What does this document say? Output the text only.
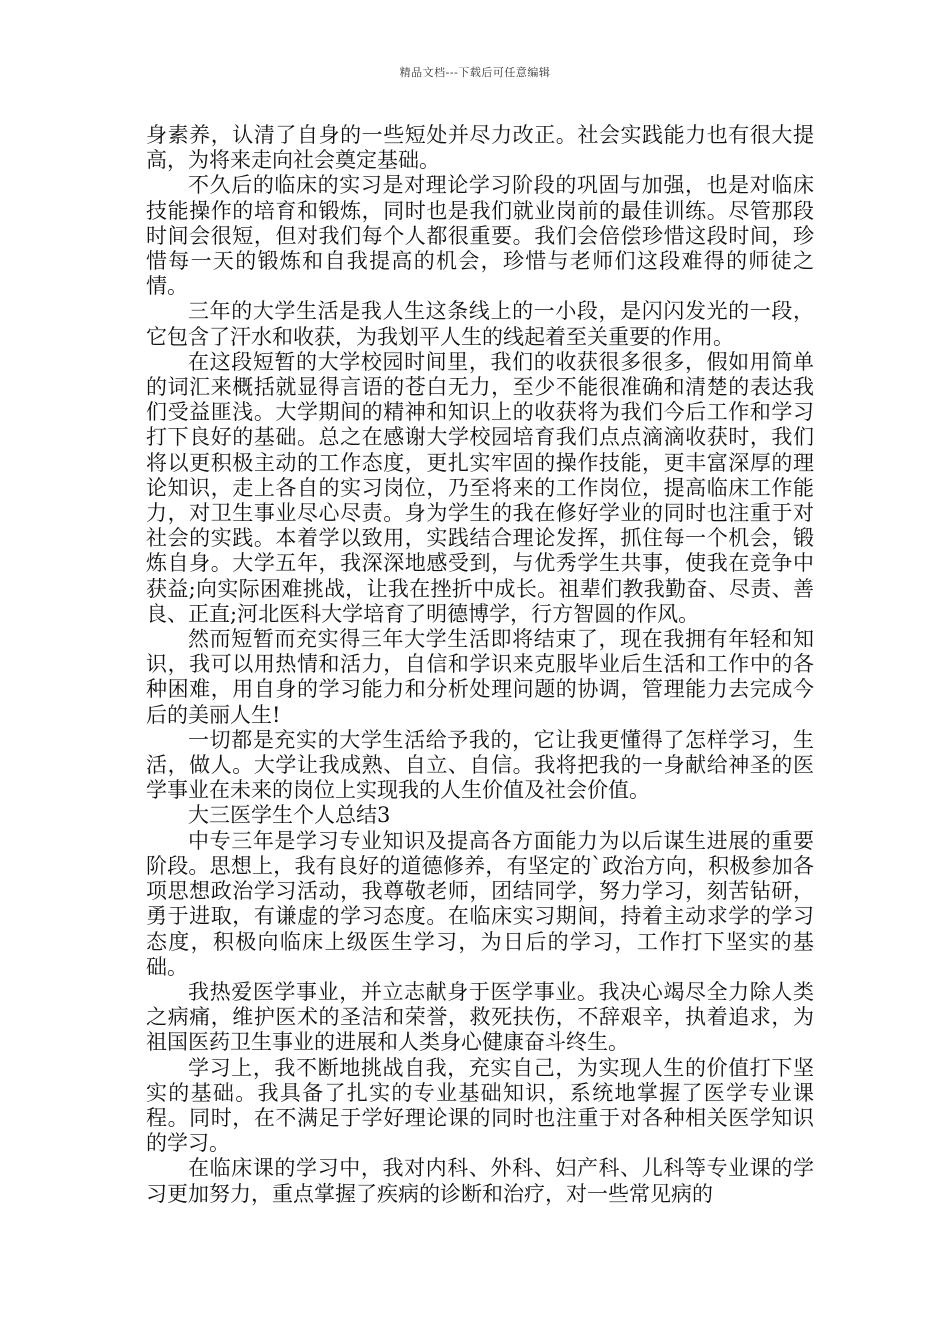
精品文档---下载后可任意编辑

身素养，认清了自身的一些短处并尽力改正。社会实践能力也有很大提高，为将来走向社会奠定基础。

不久后的临床的实习是对理论学习阶段的巩固与加强，也是对临床技能操作的培育和锻炼，同时也是我们就业岗前的最佳训练。尽管那段时间会很短，但对我们每个人都很重要。我们会倍偿珍惜这段时间，珍惜每一天的锻炼和自我提高的机会，珍惜与老师们这段难得的师徒之情。

三年的大学生活是我人生这条线上的一小段，是闪闪发光的一段，它包含了汗水和收获，为我划平人生的线起着至关重要的作用。

在这段短暂的大学校园时间里，我们的收获很多很多，假如用简单的词汇来概括就显得言语的苍白无力，至少不能很准确和清楚的表达我们受益匪浅。大学期间的精神和知识上的收获将为我们今后工作和学习打下良好的基础。总之在感谢大学校园培育我们点点滴滴收获时，我们将以更积极主动的工作态度，更扎实牢固的操作技能，更丰富深厚的理论知识，走上各自的实习岗位，乃至将来的工作岗位，提高临床工作能力，对卫生事业尽心尽责。身为学生的我在修好学业的同时也注重于对社会的实践。本着学以致用，实践结合理论发挥，抓住每一个机会，锻炼自身。大学五年，我深深地感受到，与优秀学生共事，使我在竞争中获益;向实际困难挑战，让我在挫折中成长。祖辈们教我勤奋、尽责、善良、正直;河北医科大学培育了明德博学，行方智圆的作风。

然而短暂而充实得三年大学生活即将结束了，现在我拥有年轻和知识，我可以用热情和活力，自信和学识来克服毕业后生活和工作中的各种困难，用自身的学习能力和分析处理问题的协调，管理能力去完成今后的美丽人生!

一切都是充实的大学生活给予我的，它让我更懂得了怎样学习，生活，做人。大学让我成熟、自立、自信。我将把我的一身献给神圣的医学事业在未来的岗位上实现我的人生价值及社会价值。

大三医学生个人总结3

中专三年是学习专业知识及提高各方面能力为以后谋生进展的重要阶段。思想上，我有良好的道德修养，有坚定的`政治方向，积极参加各项思想政治学习活动，我尊敬老师，团结同学，努力学习，刻苦钻研，勇于进取，有谦虚的学习态度。在临床实习期间，持着主动求学的学习态度，积极向临床上级医生学习，为日后的学习，工作打下坚实的基础。

我热爱医学事业，并立志献身于医学事业。我决心竭尽全力除人类之病痛，维护医术的圣洁和荣誉，救死扶伤，不辞艰辛，执着追求，为祖国医药卫生事业的进展和人类身心健康奋斗终生。

学习上，我不断地挑战自我，充实自己，为实现人生的价值打下坚实的基础。我具备了扎实的专业基础知识，系统地掌握了医学专业课程。同时，在不满足于学好理论课的同时也注重于对各种相关医学知识的学习。

在临床课的学习中，我对内科、外科、妇产科、儿科等专业课的学习更加努力，重点掌握了疾病的诊断和治疗，对一些常见病的
